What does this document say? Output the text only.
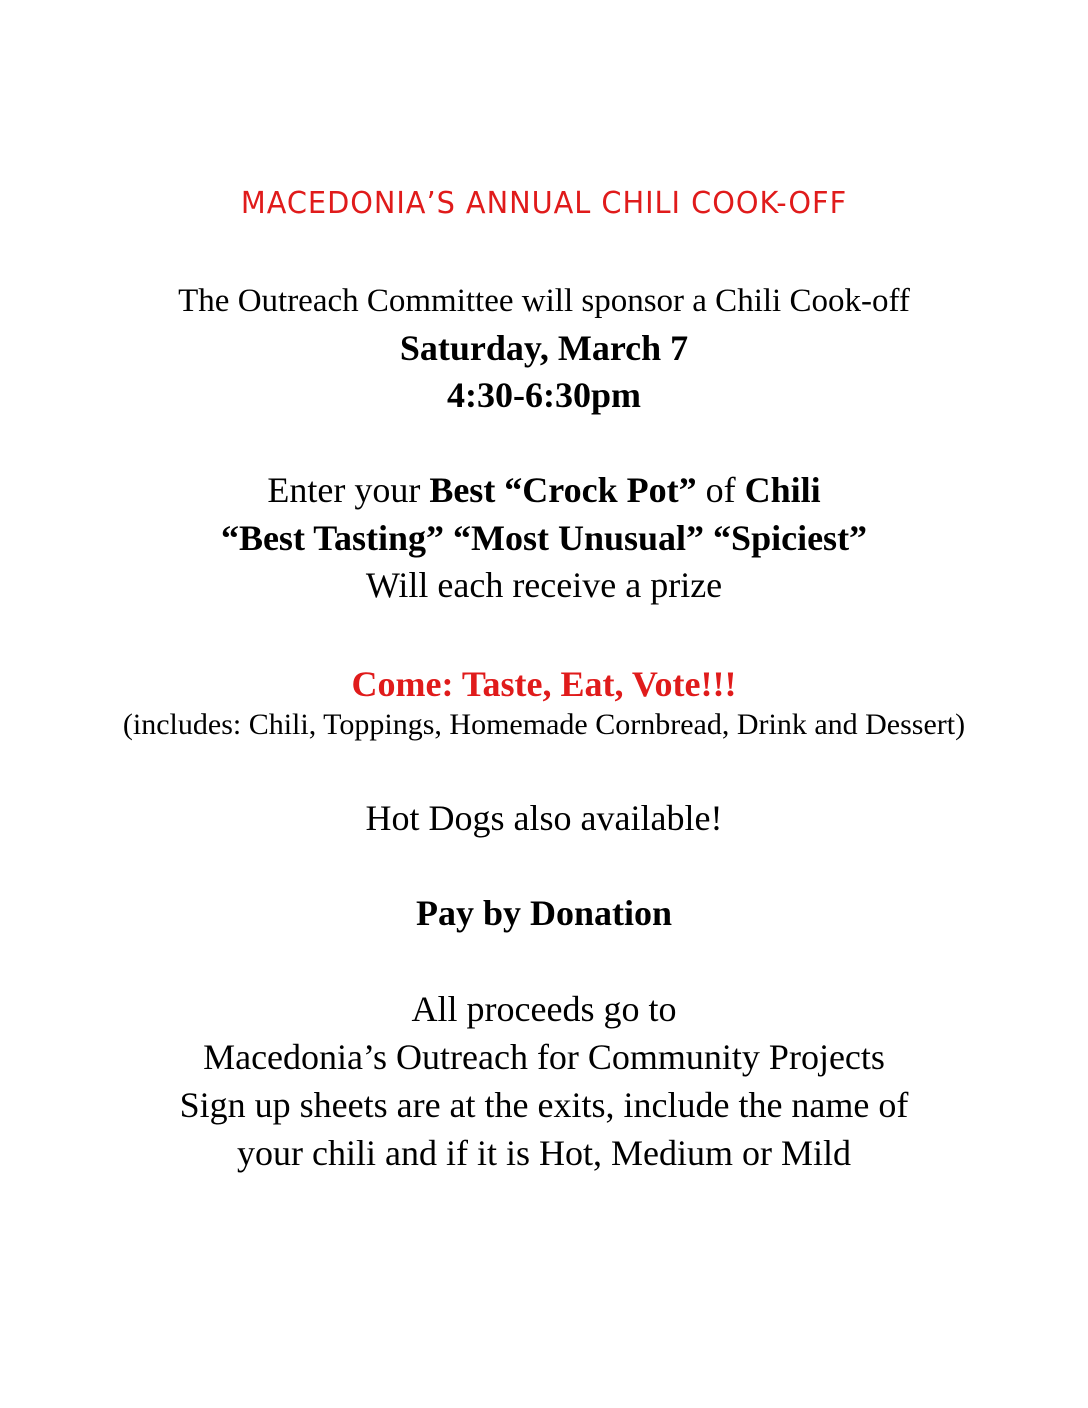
MACEDONIA’S ANNUAL CHILI COOK-OFF
The Outreach Committee will sponsor a Chili Cook-off
Saturday, March 7
4:30-6:30pm
Enter your Best “Crock Pot” of Chili
“Best Tasting” “Most Unusual” “Spiciest”
Will each receive a prize
Come: Taste, Eat, Vote!!!
(includes: Chili, Toppings, Homemade Cornbread, Drink and Dessert)
Hot Dogs also available!
Pay by Donation
All proceeds go to
Macedonia’s Outreach for Community Projects
Sign up sheets are at the exits, include the name of
your chili and if it is Hot, Medium or Mild
